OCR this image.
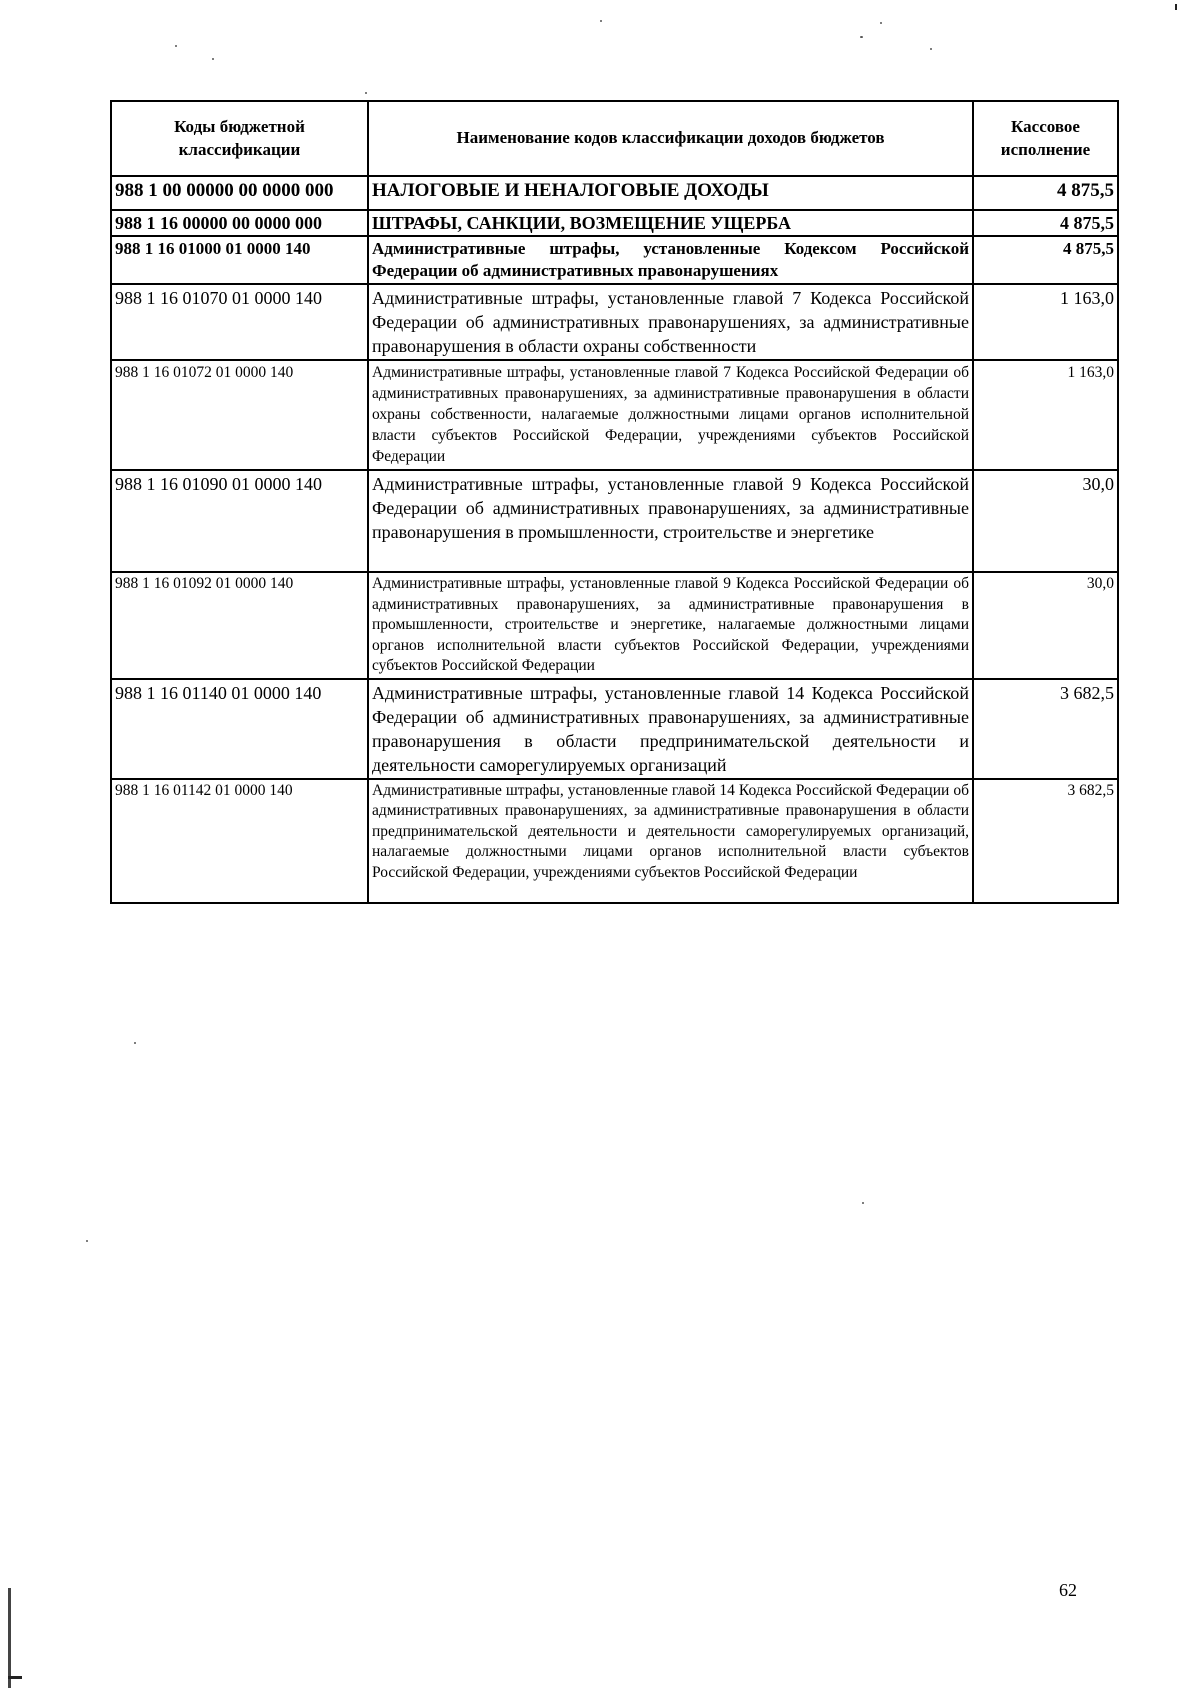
Коды бюджетной классификации	Наименование кодов классификации доходов бюджетов	Кассовое исполнение
988 1 00 00000 00 0000 000	НАЛОГОВЫЕ И НЕНАЛОГОВЫЕ ДОХОДЫ	4 875,5
988 1 16 00000 00 0000 000	ШТРАФЫ, САНКЦИИ, ВОЗМЕЩЕНИЕ УЩЕРБА	4 875,5
988 1 16 01000 01 0000 140	Административные штрафы, установленные Кодексом Российской Федерации об административных правонарушениях	4 875,5
988 1 16 01070 01 0000 140	Административные штрафы, установленные главой 7 Кодекса Российской Федерации об административных правонарушениях, за административные правонарушения в области охраны собственности	1 163,0
988 1 16 01072 01 0000 140	Административные штрафы, установленные главой 7 Кодекса Российской Федерации об административных правонарушениях, за административные правонарушения в области охраны собственности, налагаемые должностными лицами органов исполнительной власти субъектов Российской Федерации, учреждениями субъектов Российской Федерации	1 163,0
988 1 16 01090 01 0000 140	Административные штрафы, установленные главой 9 Кодекса Российской Федерации об административных правонарушениях, за административные правонарушения в промышленности, строительстве и энергетике	30,0
988 1 16 01092 01 0000 140	Административные штрафы, установленные главой 9 Кодекса Российской Федерации об административных правонарушениях, за административные правонарушения в промышленности, строительстве и энергетике, налагаемые должностными лицами органов исполнительной власти субъектов Российской Федерации, учреждениями субъектов Российской Федерации	30,0
988 1 16 01140 01 0000 140	Административные штрафы, установленные главой 14 Кодекса Российской Федерации об административных правонарушениях, за административные правонарушения в области предпринимательской деятельности и деятельности саморегулируемых организаций	3 682,5
988 1 16 01142 01 0000 140	Административные штрафы, установленные главой 14 Кодекса Российской Федерации об административных правонарушениях, за административные правонарушения в области предпринимательской деятельности и деятельности саморегулируемых организаций, налагаемые должностными лицами органов исполнительной власти субъектов Российской Федерации, учреждениями субъектов Российской Федерации	3 682,5
62
